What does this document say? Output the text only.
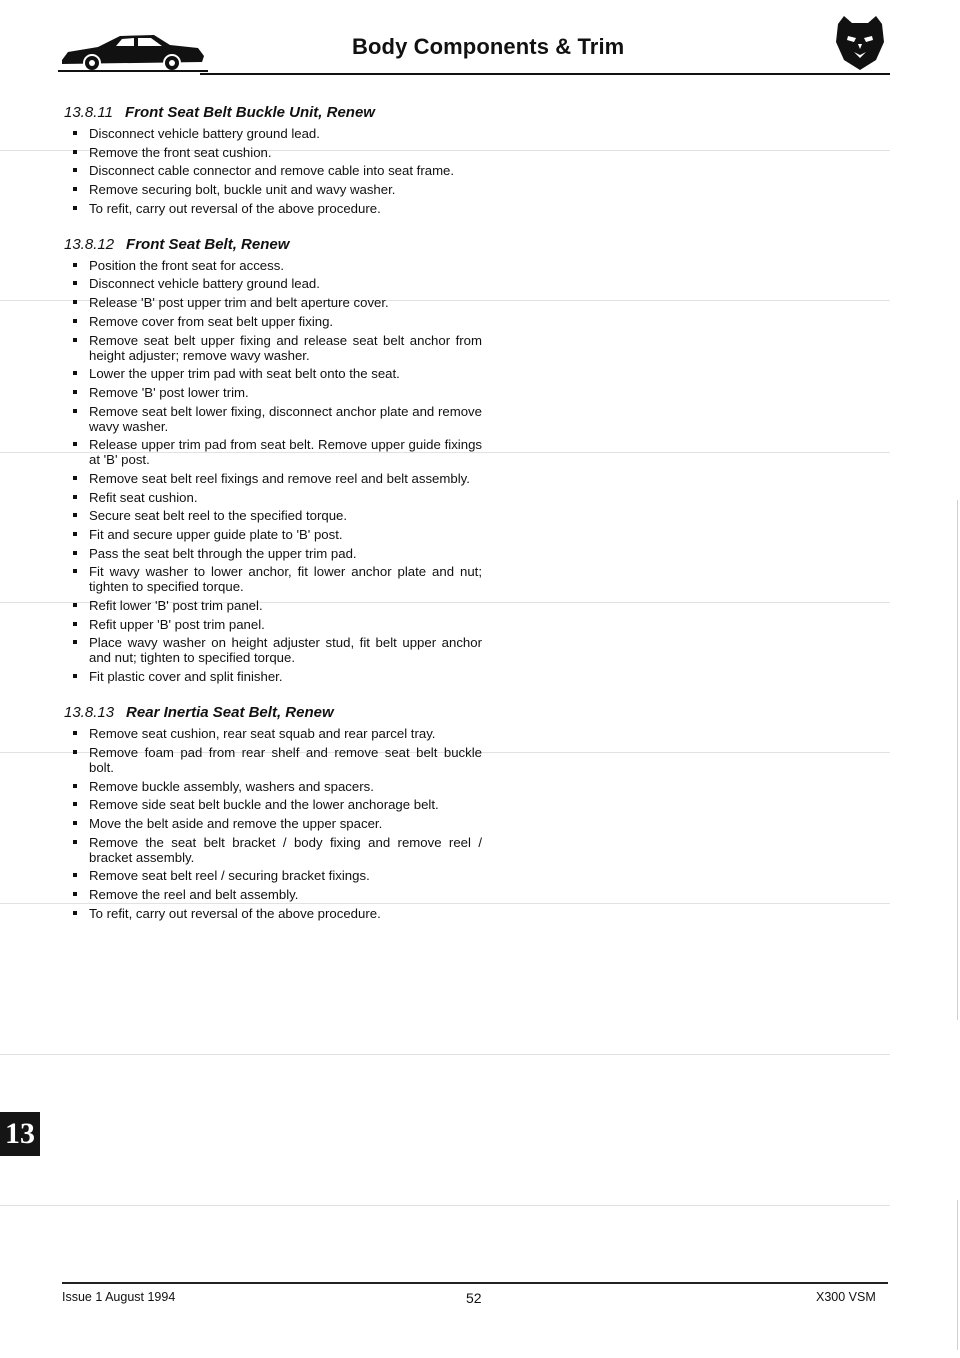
Body Components & Trim
13.8.11 Front Seat Belt Buckle Unit, Renew
Disconnect vehicle battery ground lead.
Remove the front seat cushion.
Disconnect cable connector and remove cable into seat frame.
Remove securing bolt, buckle unit and wavy washer.
To refit, carry out reversal of the above procedure.
13.8.12 Front Seat Belt, Renew
Position the front seat for access.
Disconnect vehicle battery ground lead.
Release 'B' post upper trim and belt aperture cover.
Remove cover from seat belt upper fixing.
Remove seat belt upper fixing and release seat belt anchor from height adjuster; remove wavy washer.
Lower the upper trim pad with seat belt onto the seat.
Remove 'B' post lower trim.
Remove seat belt lower fixing, disconnect anchor plate and remove wavy washer.
Release upper trim pad from seat belt. Remove upper guide fixings at 'B' post.
Remove seat belt reel fixings and remove reel and belt assembly.
Refit seat cushion.
Secure seat belt reel to the specified torque.
Fit and secure upper guide plate to 'B' post.
Pass the seat belt through the upper trim pad.
Fit wavy washer to lower anchor, fit lower anchor plate and nut; tighten to specified torque.
Refit lower 'B' post trim panel.
Refit upper 'B' post trim panel.
Place wavy washer on height adjuster stud, fit belt upper anchor and nut; tighten to specified torque.
Fit plastic cover and split finisher.
13.8.13 Rear Inertia Seat Belt, Renew
Remove seat cushion, rear seat squab and rear parcel tray.
Remove foam pad from rear shelf and remove seat belt buckle bolt.
Remove buckle assembly, washers and spacers.
Remove side seat belt buckle and the lower anchorage belt.
Move the belt aside and remove the upper spacer.
Remove the seat belt bracket / body fixing and remove reel / bracket assembly.
Remove seat belt reel / securing bracket fixings.
Remove the reel and belt assembly.
To refit, carry out reversal of the above procedure.
13
Issue 1 August 1994	52	X300 VSM
